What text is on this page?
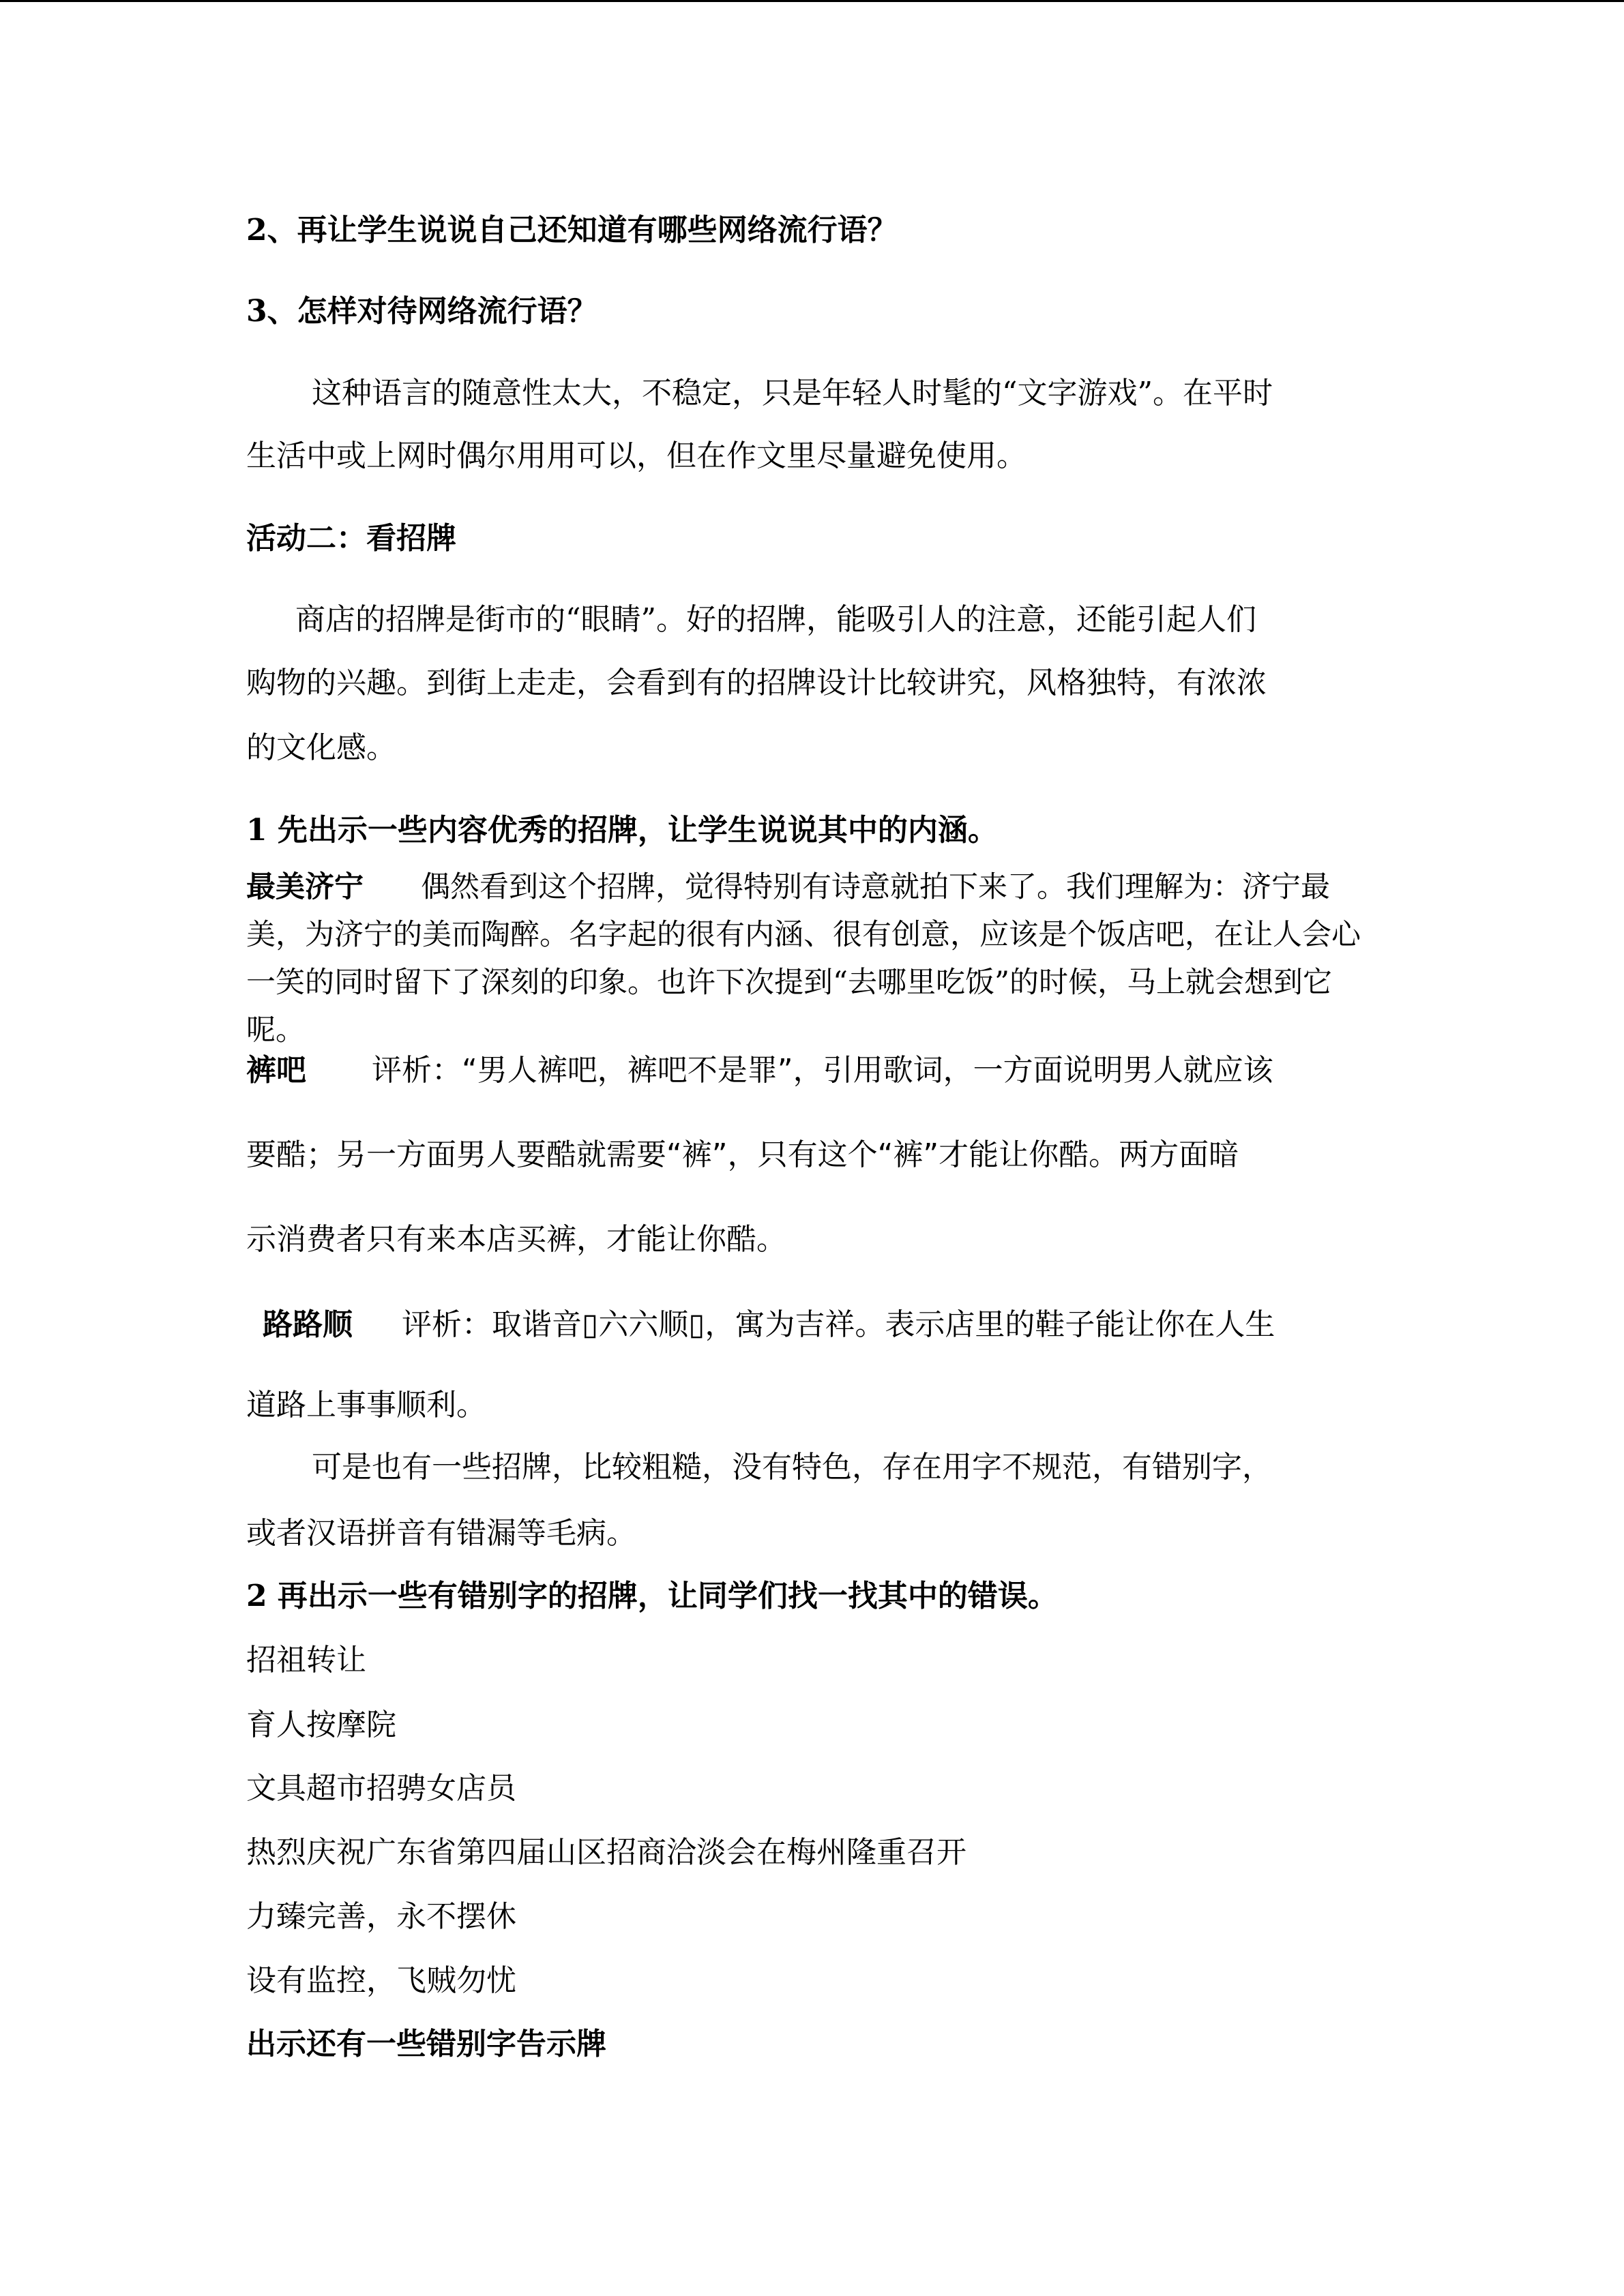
2、再让学生说说自己还知道有哪些网络流行语？

3、怎样对待网络流行语？

这种语言的随意性太大，不稳定，只是年轻人时髦的“文字游戏”。在平时

生活中或上网时偶尔用用可以，但在作文里尽量避免使用。

活动二：看招牌

商店的招牌是街市的“眼睛”。好的招牌，能吸引人的注意，还能引起人们

购物的兴趣。到街上走走，会看到有的招牌设计比较讲究，风格独特，有浓浓

的文化感。

1 先出示一些内容优秀的招牌，让学生说说其中的内涵。

最美济宁 偶然看到这个招牌，觉得特别有诗意就拍下来了。我们理解为：济宁最美，为济宁的美而陶醉。名字起的很有内涵、很有创意，应该是个饭店吧，在让人会心一笑的同时留下了深刻的印象。也许下次提到“去哪里吃饭”的时候，马上就会想到它呢。

裤吧 评析：“男人裤吧，裤吧不是罪”，引用歌词，一方面说明男人就应该

要酷；另一方面男人要酷就需要“裤”，只有这个“裤”才能让你酷。两方面暗

示消费者只有来本店买裤，才能让你酷。

路路顺 评析：取谐音▯六六顺▯，寓为吉祥。表示店里的鞋子能让你在人生

道路上事事顺利。

可是也有一些招牌，比较粗糙，没有特色，存在用字不规范，有错别字，

或者汉语拼音有错漏等毛病。

2 再出示一些有错别字的招牌，让同学们找一找其中的错误。

招祖转让

育人按摩院

文具超市招骋女店员

热烈庆祝广东省第四届山区招商洽淡会在梅州隆重召开

力臻完善，永不摆休

设有监控，飞贼勿忧

出示还有一些错别字告示牌
